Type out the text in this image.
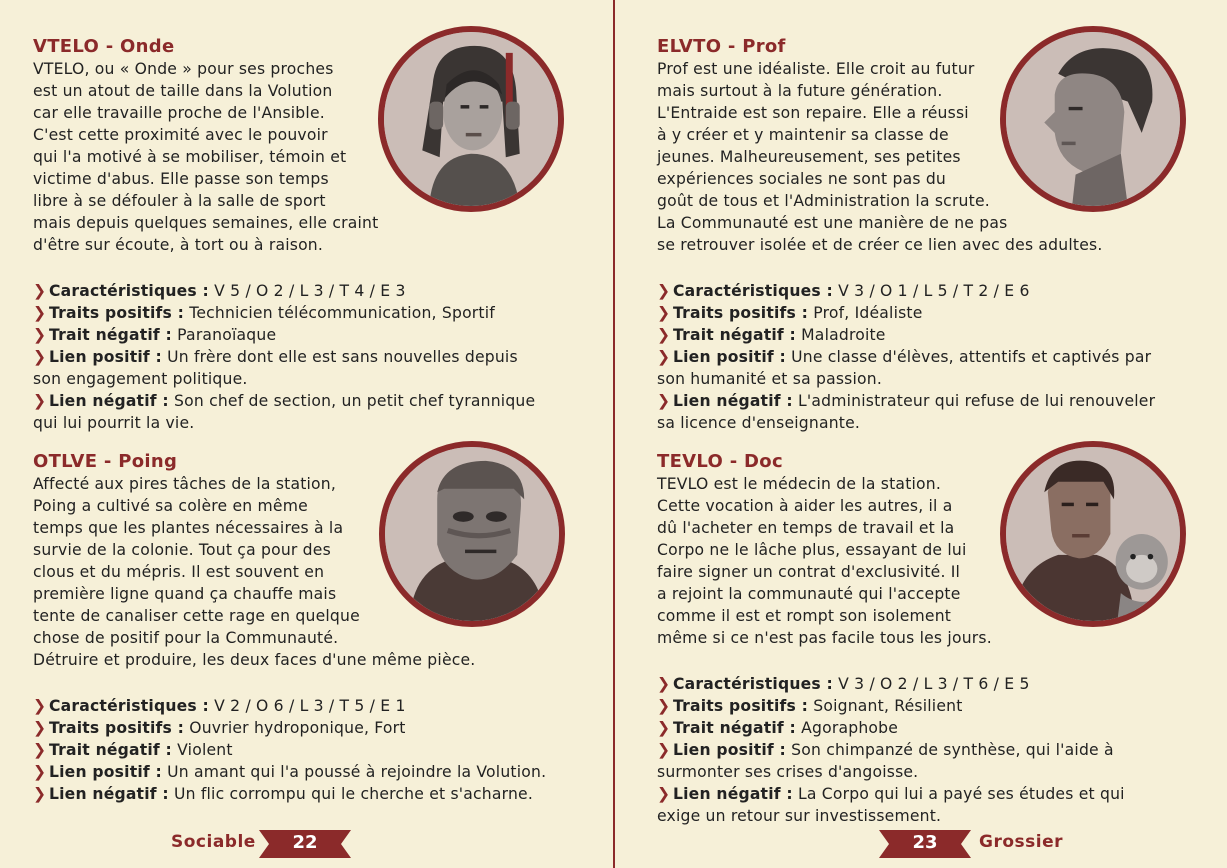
VTELO - Onde

VTELO, ou « Onde » pour ses proches

est un atout de taille dans la Volution

car elle travaille proche de l'Ansible.

C'est cette proximité avec le pouvoir

qui l'a motivé à se mobiliser, témoin et

victime d'abus. Elle passe son temps

libre à se défouler à la salle de sport

mais depuis quelques semaines, elle craint

d'être sur écoute, à tort ou à raison.

❯ Caractéristiques : V 5 / O 2 / L 3 / T 4 / E 3
❯ Traits positifs : Technicien télécommunication, Sportif
❯ Trait négatif : Paranoïaque
❯ Lien positif : Un frère dont elle est sans nouvelles depuis
son engagement politique.
❯ Lien négatif : Son chef de section, un petit chef tyrannique
qui lui pourrit la vie.
OTLVE - Poing

Affecté aux pires tâches de la station,

Poing a cultivé sa colère en même

temps que les plantes nécessaires à la

survie de la colonie. Tout ça pour des

clous et du mépris. Il est souvent en

première ligne quand ça chauffe mais

tente de canaliser cette rage en quelque

chose de positif pour la Communauté.

Détruire et produire, les deux faces d'une même pièce.

❯ Caractéristiques : V 2 / O 6 / L 3 / T 5 / E 1
❯ Traits positifs : Ouvrier hydroponique, Fort
❯ Trait négatif : Violent
❯ Lien positif : Un amant qui l'a poussé à rejoindre la Volution.
❯ Lien négatif : Un flic corrompu qui le cherche et s'acharne.
ELVTO - Prof

Prof est une idéaliste. Elle croit au futur

mais surtout à la future génération.

L'Entraide est son repaire. Elle a réussi

à y créer et y maintenir sa classe de

jeunes. Malheureusement, ses petites

expériences sociales ne sont pas du

goût de tous et l'Administration la scrute.

La Communauté est une manière de ne pas

se retrouver isolée et de créer ce lien avec des adultes.

❯ Caractéristiques : V 3 / O 1 / L 5 / T 2 / E 6
❯ Traits positifs : Prof, Idéaliste
❯ Trait négatif : Maladroite
❯ Lien positif : Une classe d'élèves, attentifs et captivés par
son humanité et sa passion.
❯ Lien négatif : L'administrateur qui refuse de lui renouveler
sa licence d'enseignante.
TEVLO - Doc

TEVLO est le médecin de la station.

Cette vocation à aider les autres, il a

dû l'acheter en temps de travail et la

Corpo ne le lâche plus, essayant de lui

faire signer un contrat d'exclusivité. Il

a rejoint la communauté qui l'accepte

comme il est et rompt son isolement

même si ce n'est pas facile tous les jours.

❯ Caractéristiques : V 3 / O 2 / L 3 / T 6 / E 5
❯ Traits positifs : Soignant, Résilient
❯ Trait négatif : Agoraphobe
❯ Lien positif : Son chimpanzé de synthèse, qui l'aide à
surmonter ses crises d'angoisse.
❯ Lien négatif : La Corpo qui lui a payé ses études et qui
exige un retour sur investissement.
Sociable	22	23	Grossier
